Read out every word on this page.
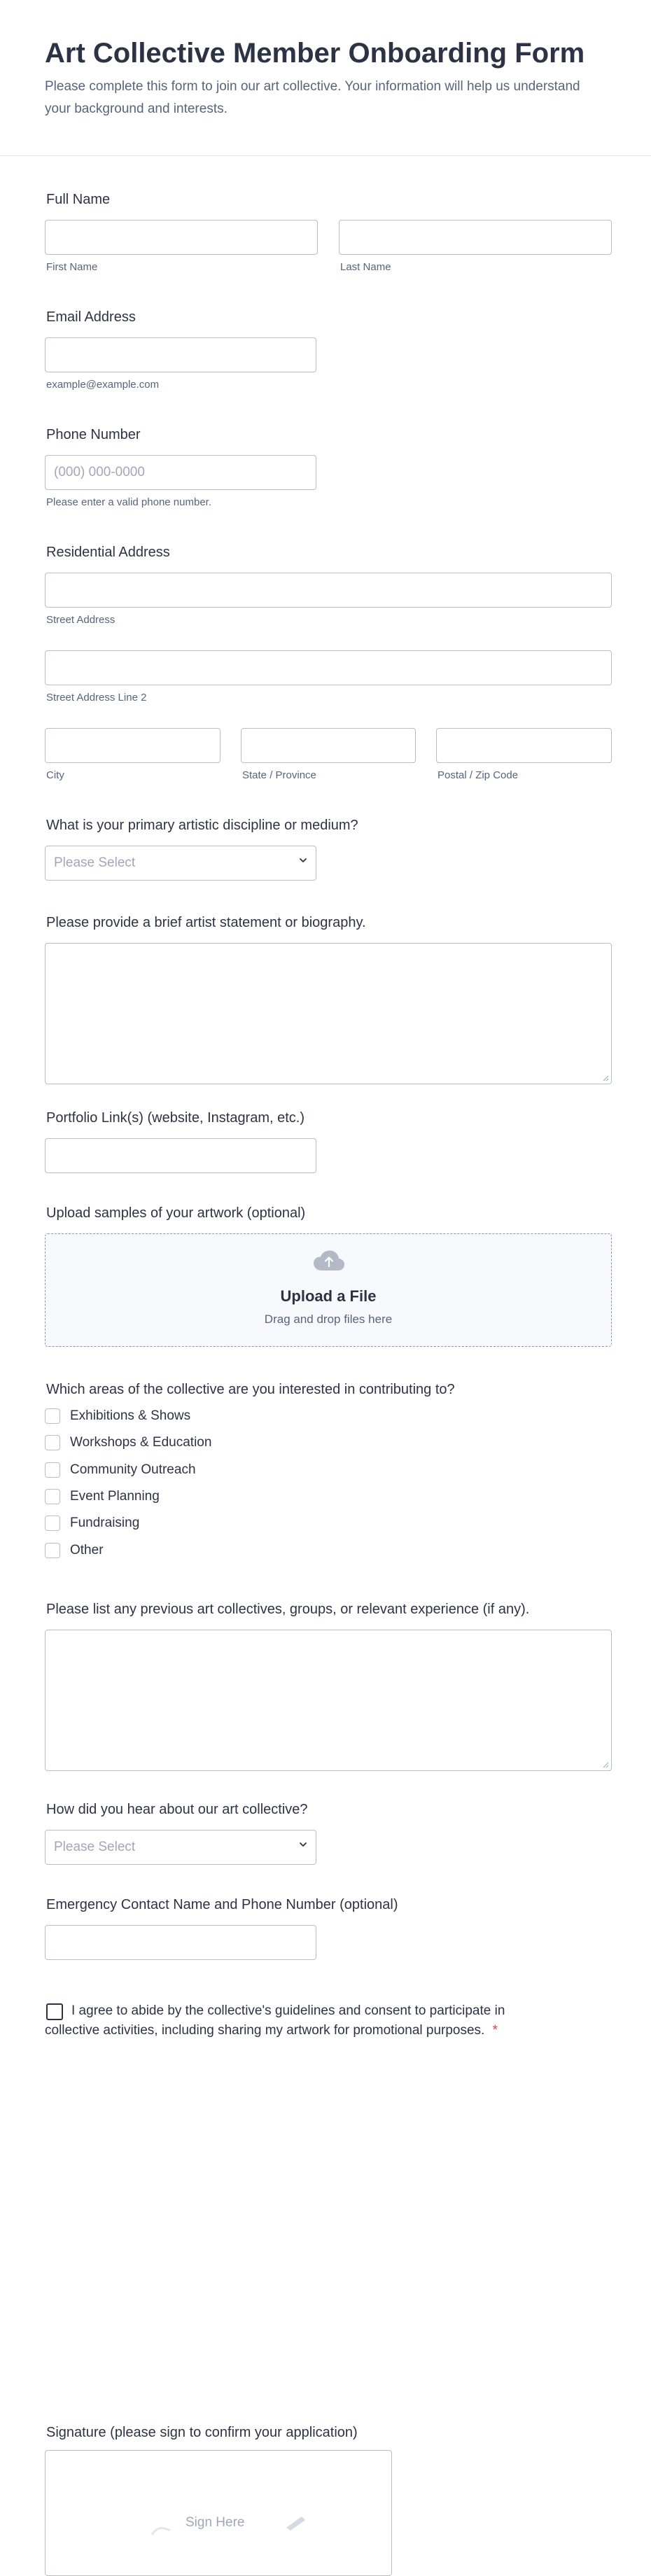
Art Collective Member Onboarding Form

Please complete this form to join our art collective. Your information will help us understand your background and interests.

Full Name
First Name	Last Name
Email Address
example@example.com
Phone Number
(000) 000-0000
Please enter a valid phone number.
Residential Address
Street Address
Street Address Line 2
City	State / Province	Postal / Zip Code
What is your primary artistic discipline or medium?
Please Select
Please provide a brief artist statement or biography.
Portfolio Link(s) (website, Instagram, etc.)
Upload samples of your artwork (optional)
Upload a File
Drag and drop files here
Which areas of the collective are you interested in contributing to?
Exhibitions & Shows
Workshops & Education
Community Outreach
Event Planning
Fundraising
Other
Please list any previous art collectives, groups, or relevant experience (if any).
How did you hear about our art collective?
Please Select
Emergency Contact Name and Phone Number (optional)
I agree to abide by the collective's guidelines and consent to participate in collective activities, including sharing my artwork for promotional purposes. *
Signature (please sign to confirm your application)
Sign Here
